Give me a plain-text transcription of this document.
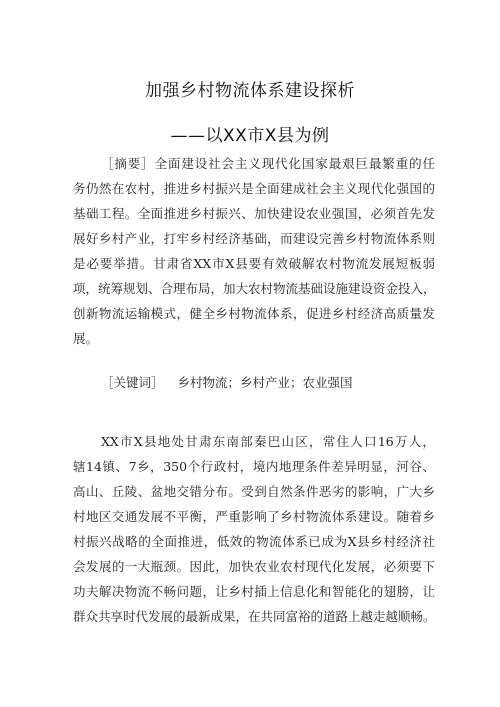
加强乡村物流体系建设探析
——以XX市X县为例
［摘要］全面建设社会主义现代化国家最艰巨最繁重的任
务仍然在农村，推进乡村振兴是全面建成社会主义现代化强国的
基础工程。全面推进乡村振兴、加快建设农业强国，必须首先发
展好乡村产业，打牢乡村经济基础，而建设完善乡村物流体系则
是必要举措。甘肃省XX市X县要有效破解农村物流发展短板弱
项，统筹规划、合理布局，加大农村物流基础设施建设资金投入，
创新物流运输模式，健全乡村物流体系，促进乡村经济高质量发
展。
［关键词］ 乡村物流；乡村产业；农业强国
XX市X县地处甘肃东南部秦巴山区，常住人口16万人，
辖14镇、7乡，350个行政村，境内地理条件差异明显，河谷、
高山、丘陵、盆地交错分布。受到自然条件恶劣的影响，广大乡
村地区交通发展不平衡，严重影响了乡村物流体系建设。随着乡
村振兴战略的全面推进，低效的物流体系已成为X县乡村经济社
会发展的一大瓶颈。因此，加快农业农村现代化发展，必须要下
功夫解决物流不畅问题，让乡村插上信息化和智能化的翅膀，让
群众共享时代发展的最新成果，在共同富裕的道路上越走越顺畅。
